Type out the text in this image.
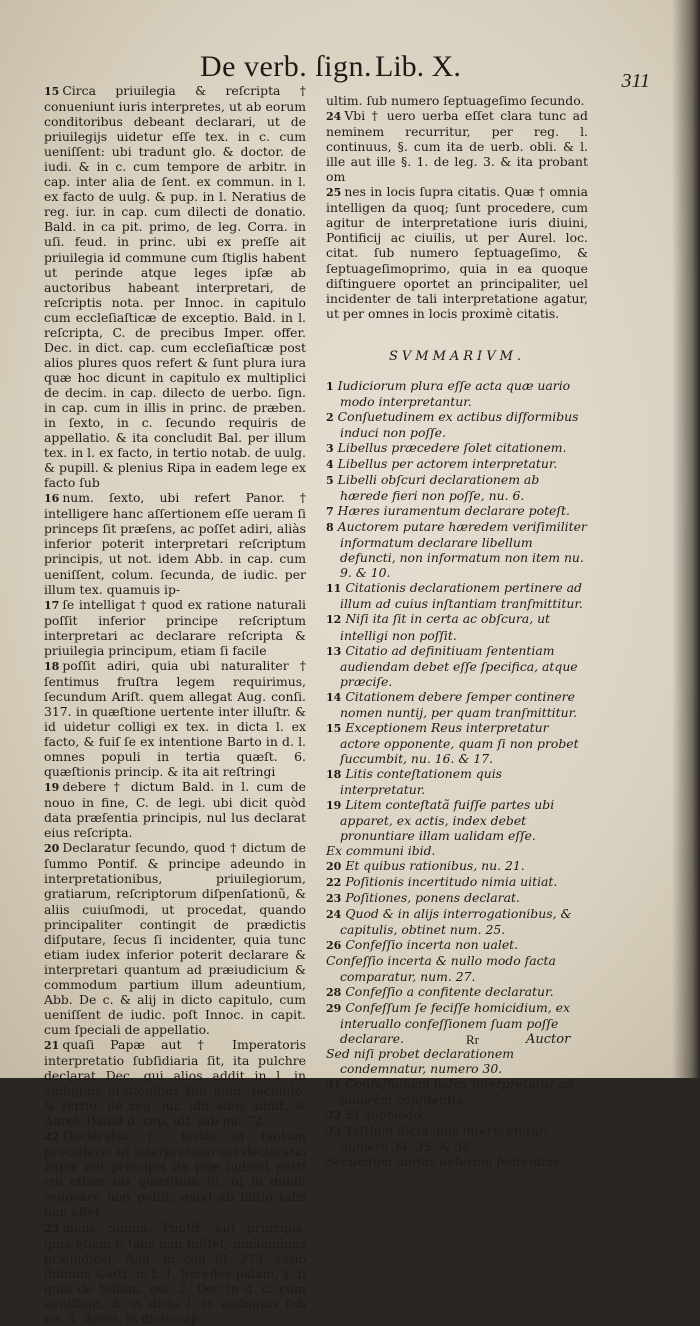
De verb. ſign. Lib. X.	311

15 Circa priuilegia & reſcripta † conueniunt iuris interpretes, ut ab eorum conditoribus debeant declarari, ut de priuilegijs uidetur eſſe tex. in c. cum ueniſſent: ubi tradunt glo. & doctor. de iudi. & in c. cum tempore de arbitr. in cap. inter alia de ſent. ex commun. in l. ex facto de uulg. & pup. in l. Neratius de reg. iur. in cap. cum dilecti de donatio. Bald. in ca pit. primo, de leg. Corra. in uſi. feud. in princ. ubi ex preſſe ait priuilegia id commune cum ſtiglis habent ut perinde atque leges ipſæ ab auctoribus habeant interpretari, de reſcriptis nota. per Innoc. in capitulo cum eccleſiaſticæ de exceptio. Bald. in l. reſcripta, C. de precibus Imper. offer. Dec. in dict. cap. cum eccleſiaſticæ post alios plures quos refert & ſunt plura iura quæ hoc dicunt in capitulo ex multiplici de decim. in cap. dilecto de uerbo. ſign. in cap. cum in illis in princ. de præben. in ſexto, in c. ſecundo requiris de appellatio. & ita concludit Bal. per illum tex. in l. ex facto, in tertio notab. de uulg. & pupill. & plenius Ripa in eadem lege ex facto ſub

16 num. ſexto, ubi refert Panor. † intelligere hanc aſſertionem eſſe ueram ſi princeps ſit præſens, ac poſſet adiri, aliàs inferior poterit interpretari reſcriptum principis, ut not. idem Abb. in cap. cum ueniſſent, colum. ſecunda, de iudic. per illum tex. quamuis ip-

17 ſe intelligat † quod ex ratione naturali poſſit inferior principe reſcriptum interpretari ac declarare reſcripta & priuilegia principum, etiam ſi facile

18 poſſit adiri, quia ubi naturaliter † ſentimus fruſtra legem requirimus, ſecundum Ariſt. quem allegat Aug. conſi. 317. in quæſtione uertente inter illuſtr. & id uidetur colligi ex tex. in dicta l. ex facto, & fuiſ ſe ex intentione Barto in d. l. omnes populi in tertia quæſt. 6. quæſtionis princip. & ita ait reſtringi

19 debere † dictum Bald. in l. cum de nouo in fine, C. de legi. ubi dicit quòd data præſentia principis, nul lus declarat eius reſcripta.

20 Declaratur ſecundo, quod † dictum de ſummo Pontif. & principe adeundo in interpretationibus, priuilegiorum, gratiarum, reſcriptorum diſpenſationũ, & aliis cuiuſmodi, ut procedat, quando principaliter contingit de prædictis diſputare, ſecus ſi incidenter, quia tunc etiam iudex inferior poterit declarare & interpretari quantum ad præiudicium & commodum partium illum adeuntium, Abb. De c. & alij in dicto capitulo, cum ueniſſent de iudic. poſt Innoc. in capit. cum ſpeciali de appellatio.

21 quaſi Papæ aut † Imperatoris interpretatio ſubſidiaria ſit, ita pulchre declarat Dec. qui alios addit in l. in ambiguis orationibus ſub num. ſecundo, & tertio, de reg. iur. ubi alios addit, & Aurel. Dauid d. cap. ult. ſub nu. 72.

22 Declaratur † tertio in tantum procedere, ut interpretatio uel declaratio Papæ aut principis ita præ iudicet parti cui etiam uis quæſitum ſit, ut in dubiũ reuocare non poſſit, quod ab initio talis non eſſet

23 mens Summ. Pontif. aut principis, quia etiam ſi talis non fuiſſet, nihilominus præiudicat, Ang. in con ſil. 273. ratio dubium Caſtr. in l. 1. heredes palam, §. ſi quid de teſtam. col. 2. Dec in d. c. cum ueniſſent, & in dicta l. in ambiguis ſub nu. 4. Aurel. in dicto cap.

ultim. ſub numero ſeptuageſimo ſecundo.

24 Vbi † uero uerba eſſet clara tunc ad neminem recurritur, per reg. l. continuus, §. cum ita de uerb. obli. & l. ille aut ille §. 1. de leg. 3. & ita probant om

25 nes in locis ſupra citatis. Quæ † omnia intelligen da quoq; ſunt procedere, cum agitur de interpretatione iuris diuini, Pontificij ac ciuilis, ut per Aurel. loc. citat. ſub numero ſeptuageſimo, & ſeptuageſimoprimo, quia in ea quoque diſtinguere oportet an principaliter, uel incidenter de tali interpretatione agatur, ut per omnes in locis proximè citatis.

SVMMARIVM.

1 Iudiciorum plura eſſe acta quæ uario modo interpretantur.

2 Conſuetudinem ex actibus diſformibus induci non poſſe.

3 Libellus præcedere ſolet citationem.

4 Libellus per actorem interpretatur.

5 Libelli obſcuri declarationem ab hærede fieri non poſſe, nu. 6.

7 Hæres iuramentum declarare poteſt.

8 Auctorem putare hæredem veriſimiliter informatum declarare libellum defuncti, non informatum non item nu. 9. & 10.

11 Citationis declarationem pertinere ad illum ad cuius inſtantiam tranſmittitur.

12 Niſi ita ſit in certa ac obſcura, ut intelligi non poſſit.

13 Citatio ad definitiuam ſententiam audiendam debet eſſe ſpecifica, atque præciſe.

14 Citationem debere ſemper continere nomen nuntij, per quam tranſmittitur.

15 Exceptionem Reus interpretatur actore opponente, quam ſi non probet ſuccumbit, nu. 16. & 17.

18 Litis conteſtationem quis interpretatur.

19 Litem conteſtatã fuiſſe partes ubi apparet, ex actis, index debet pronuntiare illam ualidam eſſe.

Ex communi ibid.

20 Et quibus rationibus, nu. 21.

22 Poſitionis incertitudo nimia uitiat.

23 Poſitiones, ponens declarat.

24 Quod & in alijs interrogationibus, & capitulis, obtinet num. 25.

26 Confeſſio incerta non ualet.

Confeſſio incerta & nullo modo facta comparatur, num. 27.

28 Confeſſio a confitente declaratur.

29 Confeſſum ſe feciſſe homicidium, ex interuallo confeſſionem ſuam poſſe declarare.

Sed niſi probet declarationem condemnatur, numero 30.

31 Confeſſionem iudex interpretatur ad fauorem confitentis.

32 Et quomodo.

33 Teſtium dicta quis interpretetur, numero 34. 35. & 36.

Secundum uarias ueterum ſententias.

Rr	Auctor
